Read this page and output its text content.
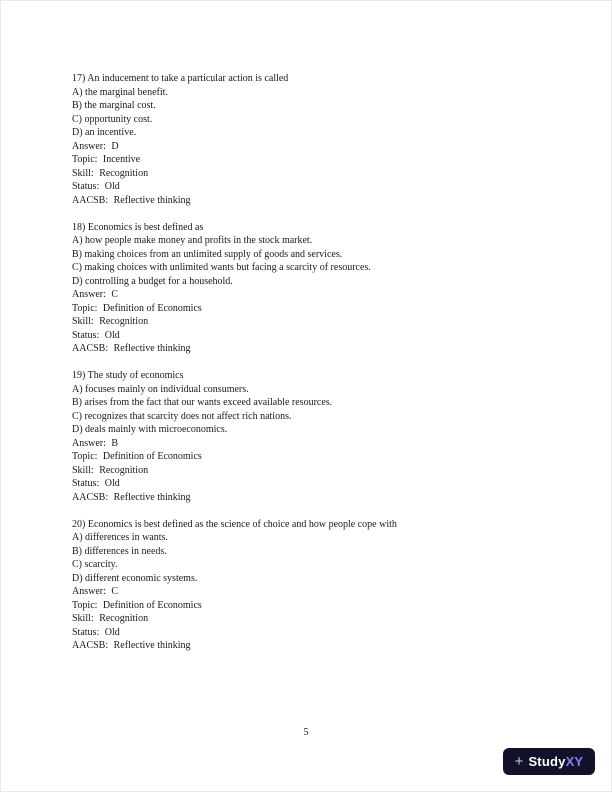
17) An inducement to take a particular action is called
A) the marginal benefit.
B) the marginal cost.
C) opportunity cost.
D) an incentive.
Answer: D
Topic: Incentive
Skill: Recognition
Status: Old
AACSB: Reflective thinking
18) Economics is best defined as
A) how people make money and profits in the stock market.
B) making choices from an unlimited supply of goods and services.
C) making choices with unlimited wants but facing a scarcity of resources.
D) controlling a budget for a household.
Answer: C
Topic: Definition of Economics
Skill: Recognition
Status: Old
AACSB: Reflective thinking
19) The study of economics
A) focuses mainly on individual consumers.
B) arises from the fact that our wants exceed available resources.
C) recognizes that scarcity does not affect rich nations.
D) deals mainly with microeconomics.
Answer: B
Topic: Definition of Economics
Skill: Recognition
Status: Old
AACSB: Reflective thinking
20) Economics is best defined as the science of choice and how people cope with
A) differences in wants.
B) differences in needs.
C) scarcity.
D) different economic systems.
Answer: C
Topic: Definition of Economics
Skill: Recognition
Status: Old
AACSB: Reflective thinking
5
+ StudyXY
